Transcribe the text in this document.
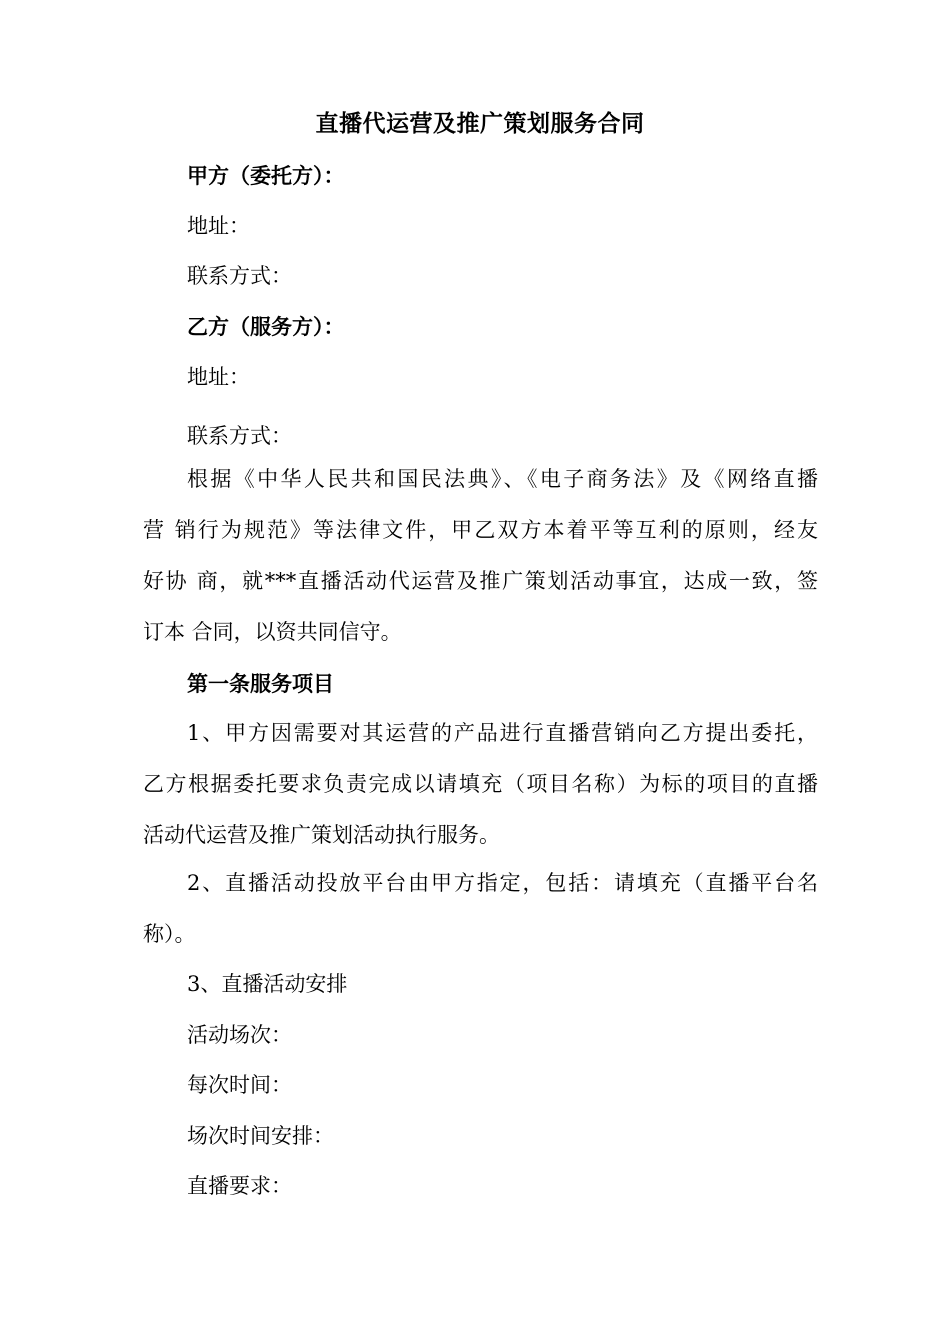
直播代运营及推广策划服务合同
甲方（委托方）：
地址：
联系方式：
乙方（服务方）：
地址：
联系方式：
根据《中华人民共和国民法典》、《电子商务法》及《网络直播
营 销行为规范》等法律文件，甲乙双方本着平等互利的原则，经友
好协 商，就***直播活动代运营及推广策划活动事宜，达成一致，签
订本 合同，以资共同信守。
第一条服务项目
1、甲方因需要对其运营的产品进行直播营销向乙方提出委托，
乙方根据委托要求负责完成以请填充（项目名称）为标的项目的直播
活动代运营及推广策划活动执行服务。
2、直播活动投放平台由甲方指定，包括：请填充（直播平台名
称）。
3、直播活动安排
活动场次：
每次时间：
场次时间安排：
直播要求：
